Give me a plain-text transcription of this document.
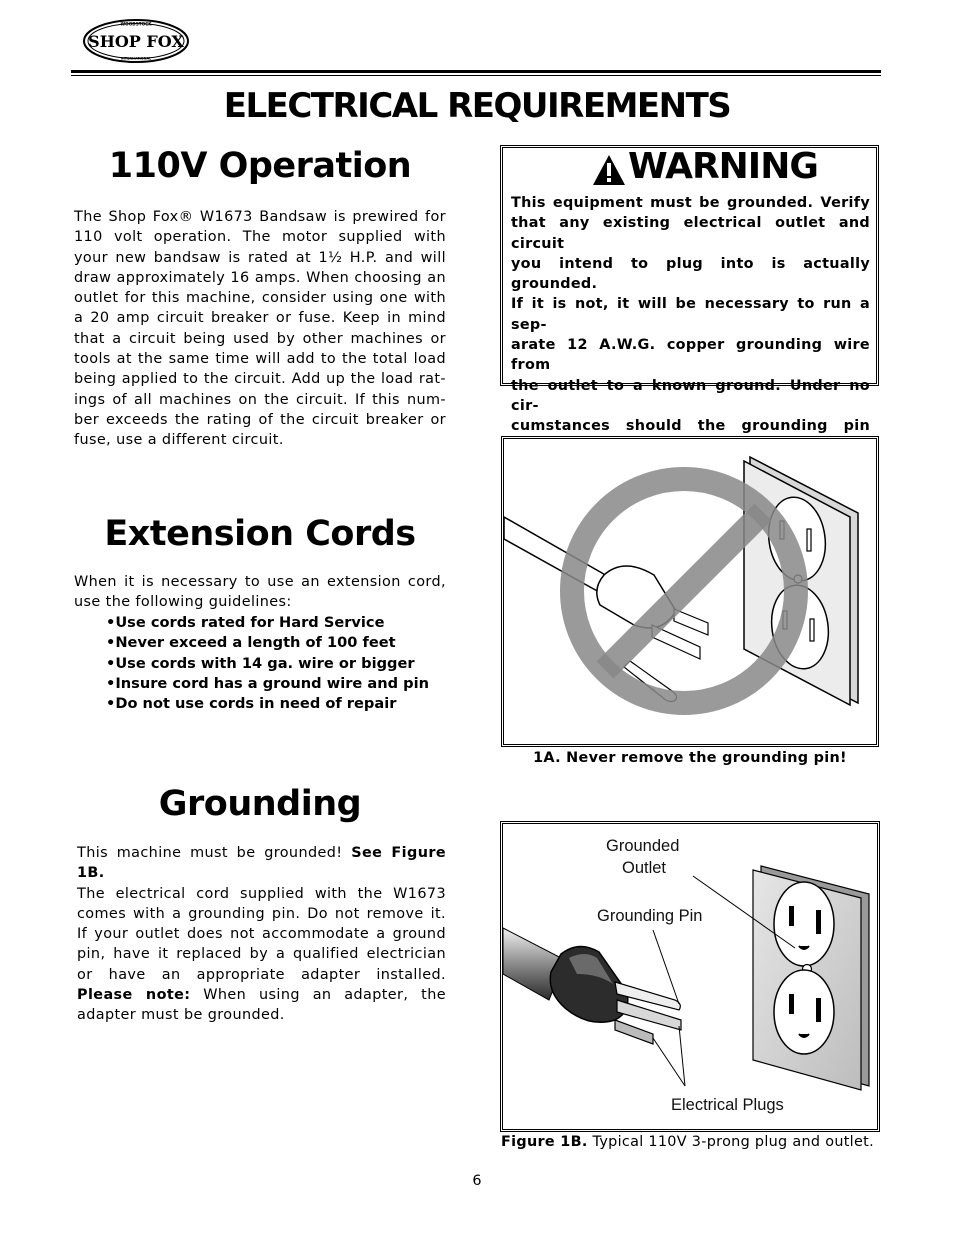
WOODSTOCK
SHOP FOX
INTERNATIONAL
ELECTRICAL REQUIREMENTS
110V Operation
The Shop Fox® W1673 Bandsaw is prewired for
110 volt operation. The motor supplied with
your new bandsaw is rated at 1½ H.P. and will
draw approximately 16 amps. When choosing an
outlet for this machine, consider using one with
a 20 amp circuit breaker or fuse. Keep in mind
that a circuit being used by other machines or
tools at the same time will add to the total load
being applied to the circuit. Add up the load rat-
ings of all machines on the circuit. If this num-
ber exceeds the rating of the circuit breaker or
fuse, use a different circuit.
Extension Cords
When it is necessary to use an extension cord,
use the following guidelines:
•Use cords rated for Hard Service
•Never exceed a length of 100 feet
•Use cords with 14 ga. wire or bigger
•Insure cord has a ground wire and pin
•Do not use cords in need of repair
Grounding
This machine must be grounded! See Figure 1B.
The electrical cord supplied with the W1673
comes with a grounding pin. Do not remove it.
If your outlet does not accommodate a ground
pin, have it replaced by a qualified electrician
or have an appropriate adapter installed.
Please note: When using an adapter, the
adapter must be grounded.
WARNING
This equipment must be grounded. Verify
that any existing electrical outlet and circuit
you intend to plug into is actually grounded.
If it is not, it will be necessary to run a sep-
arate 12 A.W.G. copper grounding wire from
the outlet to a known ground. Under no cir-
cumstances should the grounding pin
1A. Never remove the grounding pin!
Grounded
Outlet
Grounding Pin
Electrical Plugs
Figure 1B. Typical 110V 3-prong plug and outlet.
6
